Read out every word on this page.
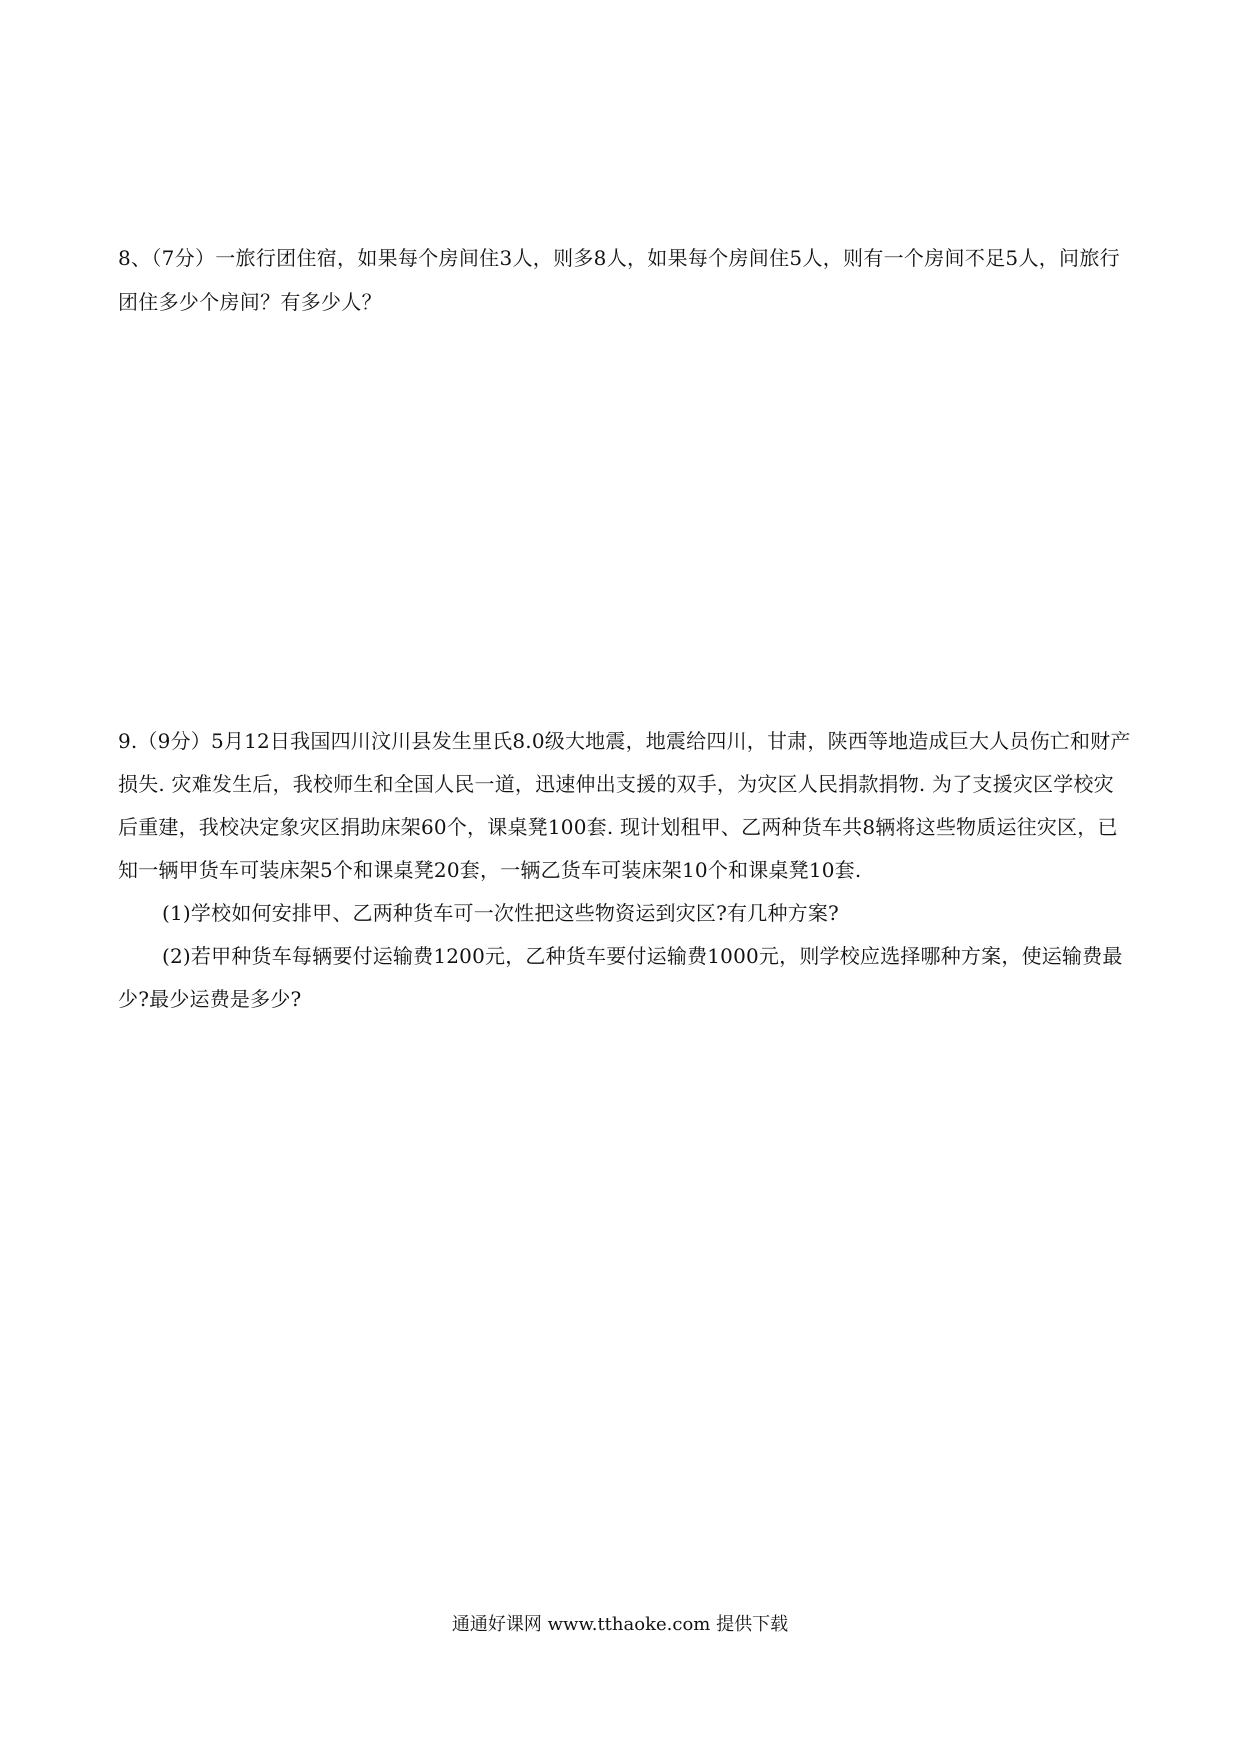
8、（7分）一旅行团住宿，如果每个房间住3人，则多8人，如果每个房间住5人，则有一个房间不足5人，问旅行团住多少个房间？有多少人？

9.（9分）5月12日我国四川汶川县发生里氏8.0级大地震，地震给四川，甘肃，陕西等地造成巨大人员伤亡和财产损失. 灾难发生后，我校师生和全国人民一道，迅速伸出支援的双手，为灾区人民捐款捐物. 为了支援灾区学校灾后重建，我校决定象灾区捐助床架60个，课桌凳100套. 现计划租甲、乙两种货车共8辆将这些物质运往灾区，已知一辆甲货车可装床架5个和课桌凳20套，一辆乙货车可装床架10个和课桌凳10套.

(1)学校如何安排甲、乙两种货车可一次性把这些物资运到灾区?有几种方案?

(2)若甲种货车每辆要付运输费1200元，乙种货车要付运输费1000元，则学校应选择哪种方案，使运输费最少?最少运费是多少?

通通好课网 www.tthaoke.com 提供下载
